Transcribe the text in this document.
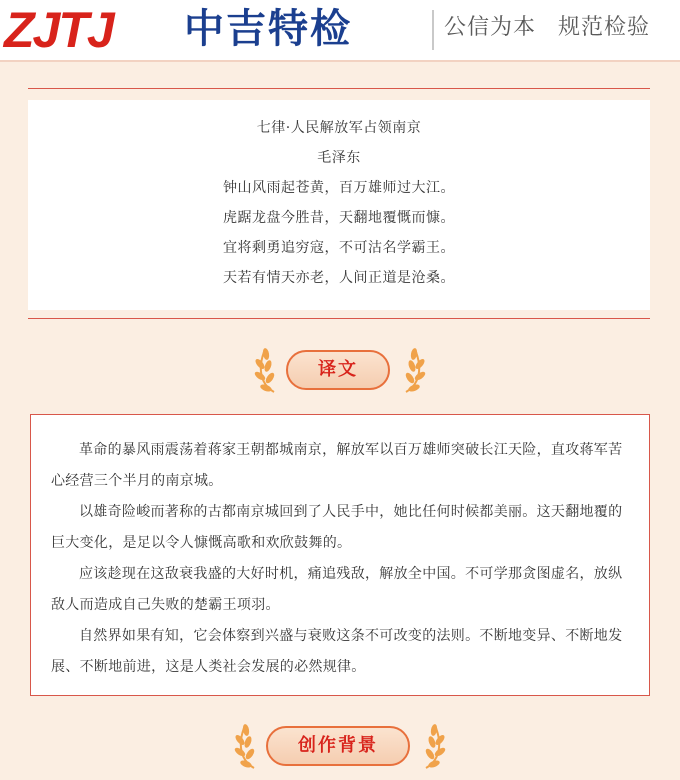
ZJTJ 中吉特检	公信为本 规范检验
七律·人民解放军占领南京
毛泽东
钟山风雨起苍黄，百万雄师过大江。
虎踞龙盘今胜昔，天翻地覆慨而慷。
宜将剩勇追穷寇，不可沽名学霸王。
天若有情天亦老，人间正道是沧桑。
译文

革命的暴风雨震荡着蒋家王朝都城南京，解放军以百万雄师突破长江天险，直攻蒋军苦心经营三个半月的南京城。

以雄奇险峻而著称的古都南京城回到了人民手中，她比任何时候都美丽。这天翻地覆的巨大变化，是足以令人慷慨高歌和欢欣鼓舞的。

应该趁现在这敌衰我盛的大好时机，痛追残敌，解放全中国。不可学那贪图虚名，放纵敌人而造成自己失败的楚霸王项羽。

自然界如果有知，它会体察到兴盛与衰败这条不可改变的法则。不断地变异、不断地发展、不断地前进，这是人类社会发展的必然规律。

创作背景
